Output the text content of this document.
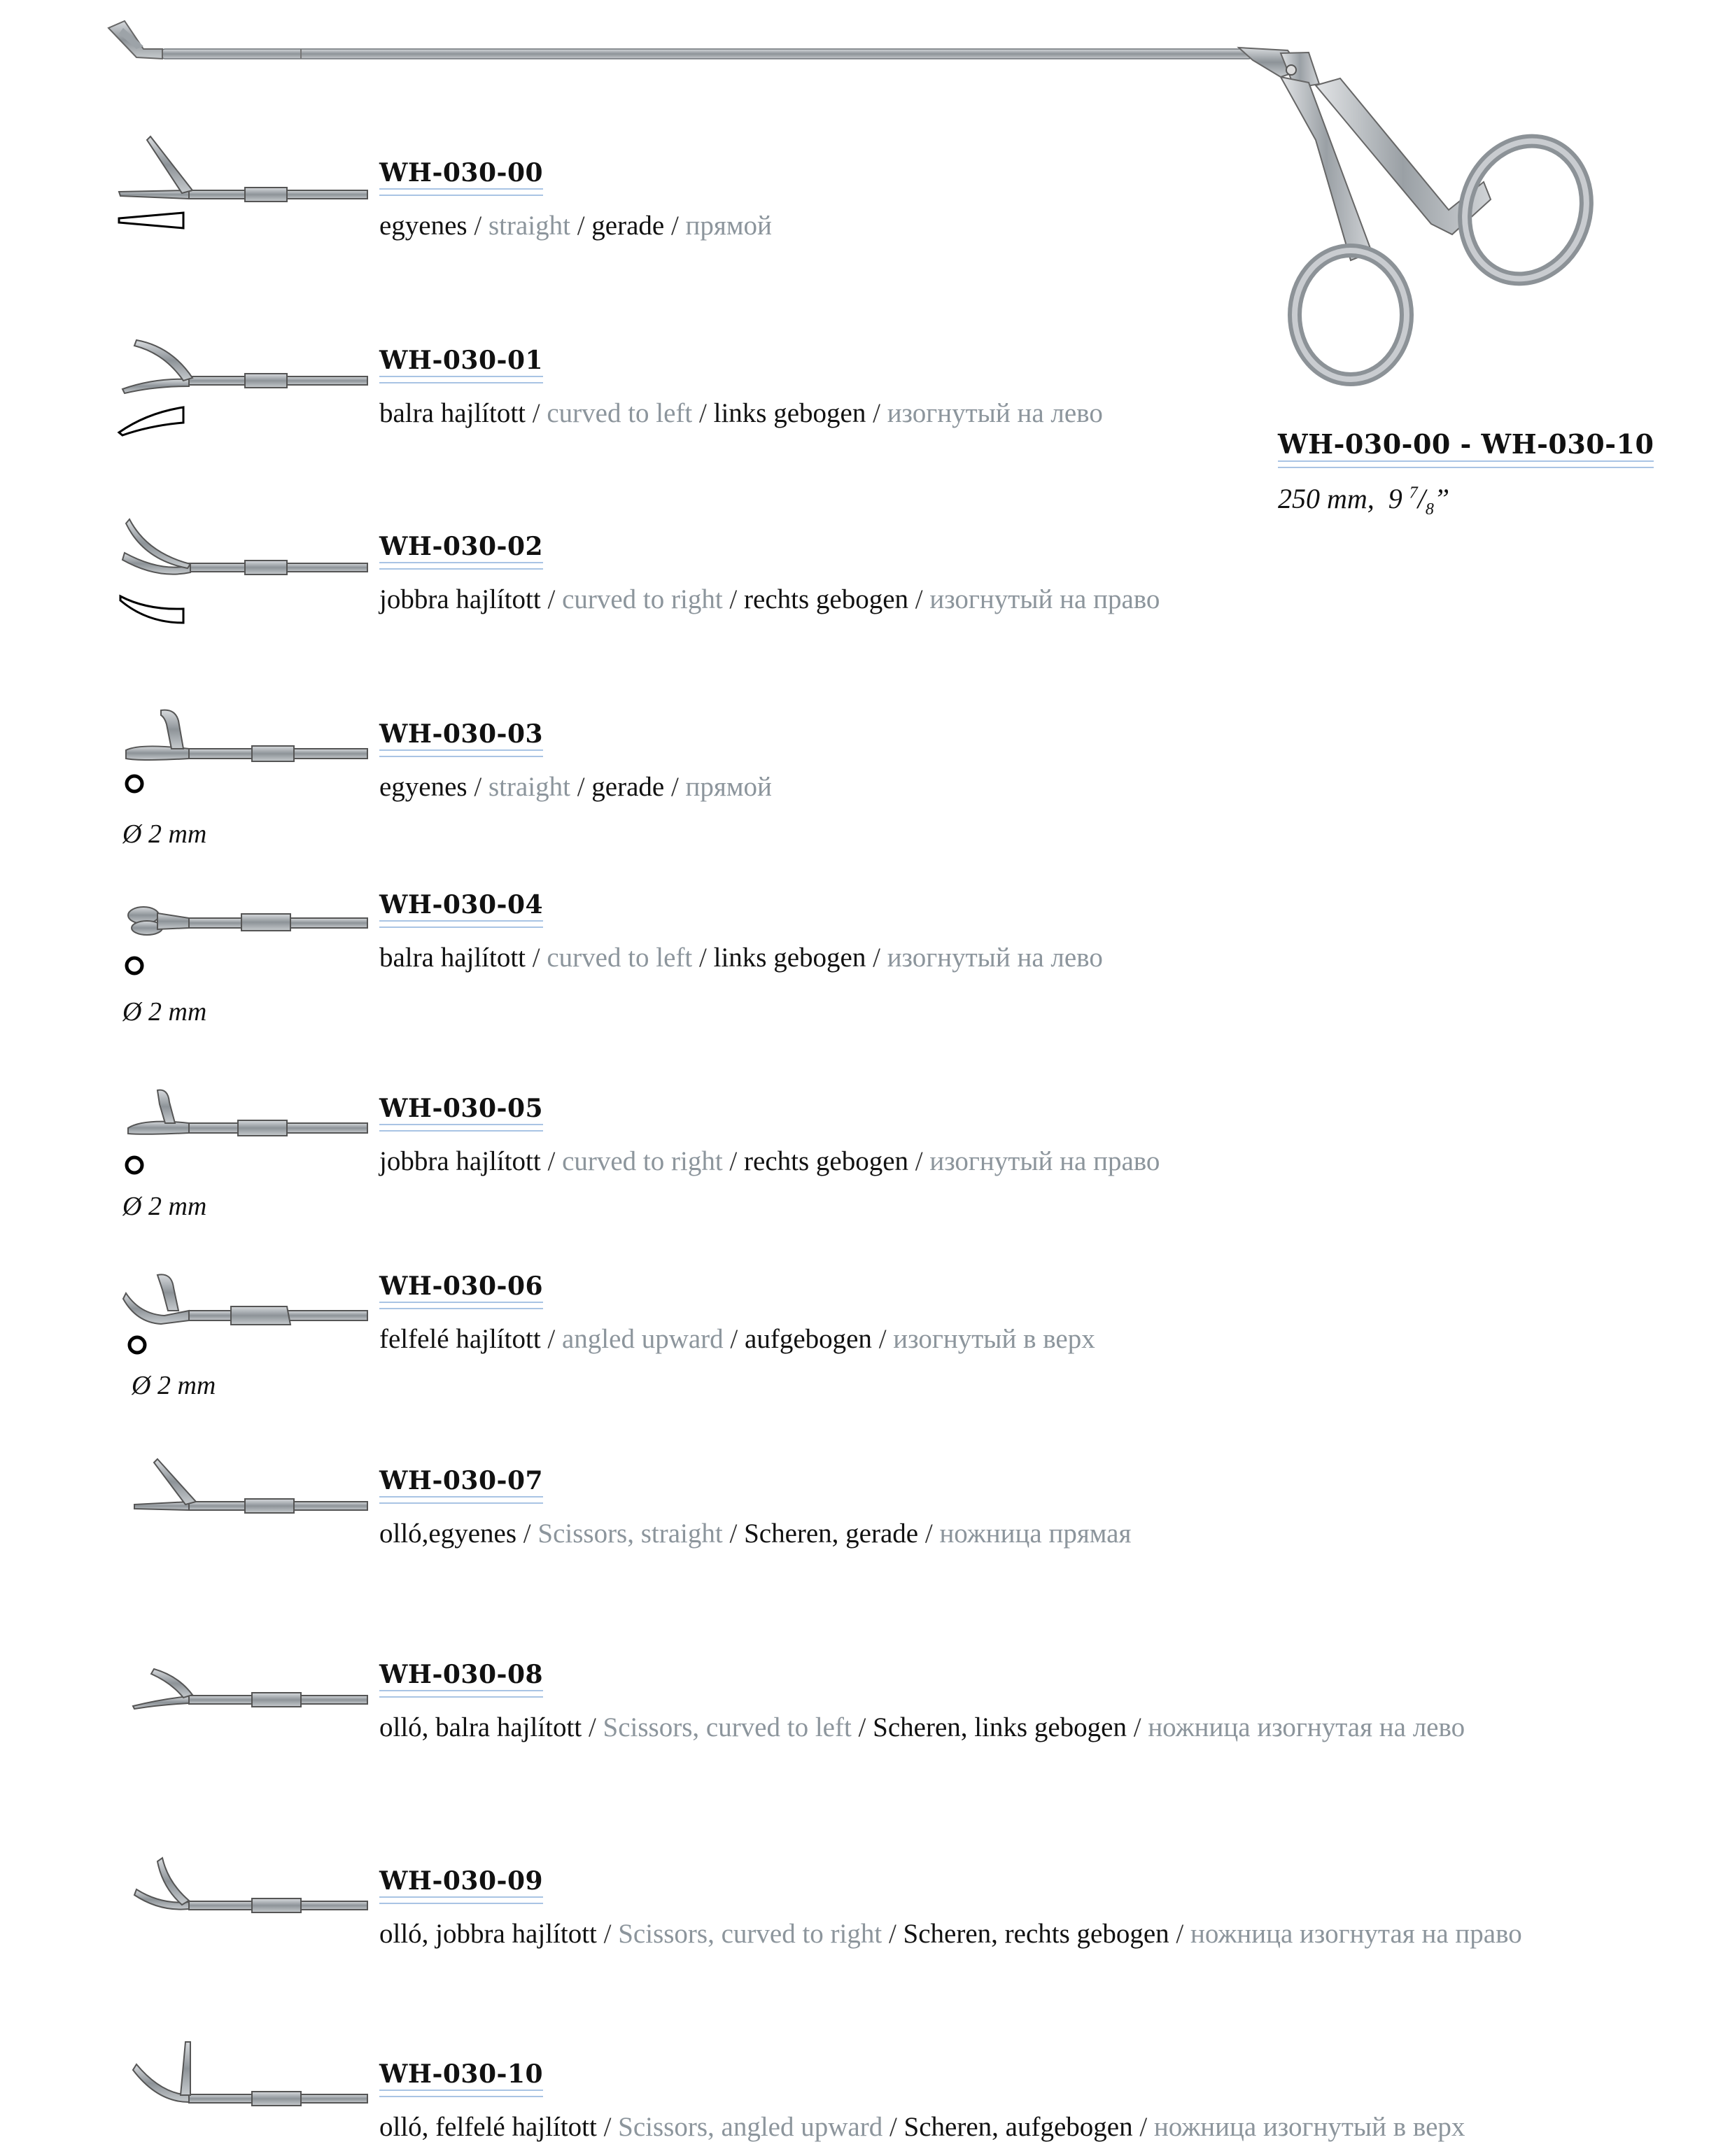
WH-030-00 - WH-030-10
250 mm, 9 $^7/_8$”
WH-030-00
egyenes / straight / gerade / прямой
WH-030-01
balra hajlított / curved to left / links gebogen / изогнутый на лево
WH-030-02
jobbra hajlított / curved to right / rechts gebogen / изогнутый на право
WH-030-03
egyenes / straight / gerade / прямой
Ø 2 mm
WH-030-04
balra hajlított / curved to left / links gebogen / изогнутый на лево
Ø 2 mm
WH-030-05
jobbra hajlított / curved to right / rechts gebogen / изогнутый на право
Ø 2 mm
WH-030-06
felfelé hajlított / angled upward / aufgebogen / изогнутый в верх
Ø 2 mm
WH-030-07
olló,egyenes / Scissors, straight / Scheren, gerade / ножница прямая
WH-030-08
olló, balra hajlított / Scissors, curved to left / Scheren, links gebogen / ножница изогнутая на лево
WH-030-09
olló, jobbra hajlított / Scissors, curved to right / Scheren, rechts gebogen / ножница изогнутая на право
WH-030-10
olló, felfelé hajlított / Scissors, angled upward / Scheren, aufgebogen / ножница изогнутый в верх
